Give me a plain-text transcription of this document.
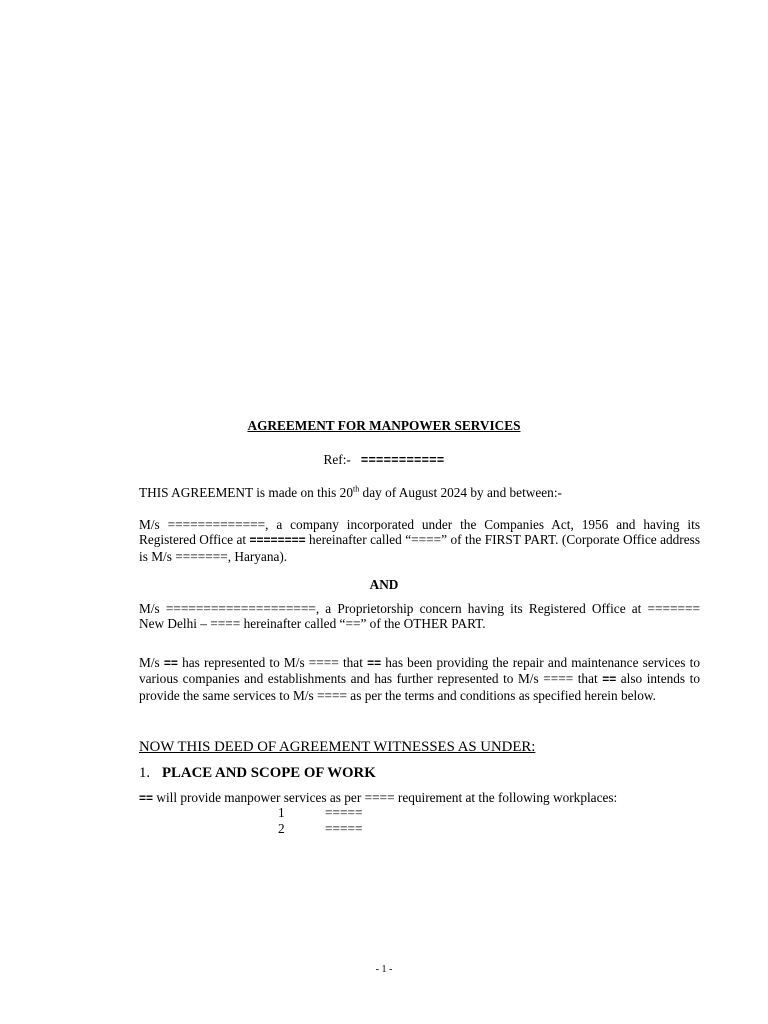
AGREEMENT FOR MANPOWER SERVICES
Ref:- ===========
THIS AGREEMENT is made on this 20th day of August 2024 by and between:-
M/s =============, a company incorporated under the Companies Act, 1956 and having its Registered Office at ======== hereinafter called “====” of the FIRST PART. (Corporate Office address is M/s =======, Haryana).
AND
M/s ====================, a Proprietorship concern having its Registered Office at ======= New Delhi – ==== hereinafter called “==” of the OTHER PART.
M/s == has represented to M/s ==== that == has been providing the repair and maintenance services to various companies and establishments and has further represented to M/s ==== that == also intends to provide the same services to M/s ==== as per the terms and conditions as specified herein below.
NOW THIS DEED OF AGREEMENT WITNESSES AS UNDER:
1. PLACE AND SCOPE OF WORK
== will provide manpower services as per ==== requirement at the following workplaces:
1	=====
2	=====
- 1 -
